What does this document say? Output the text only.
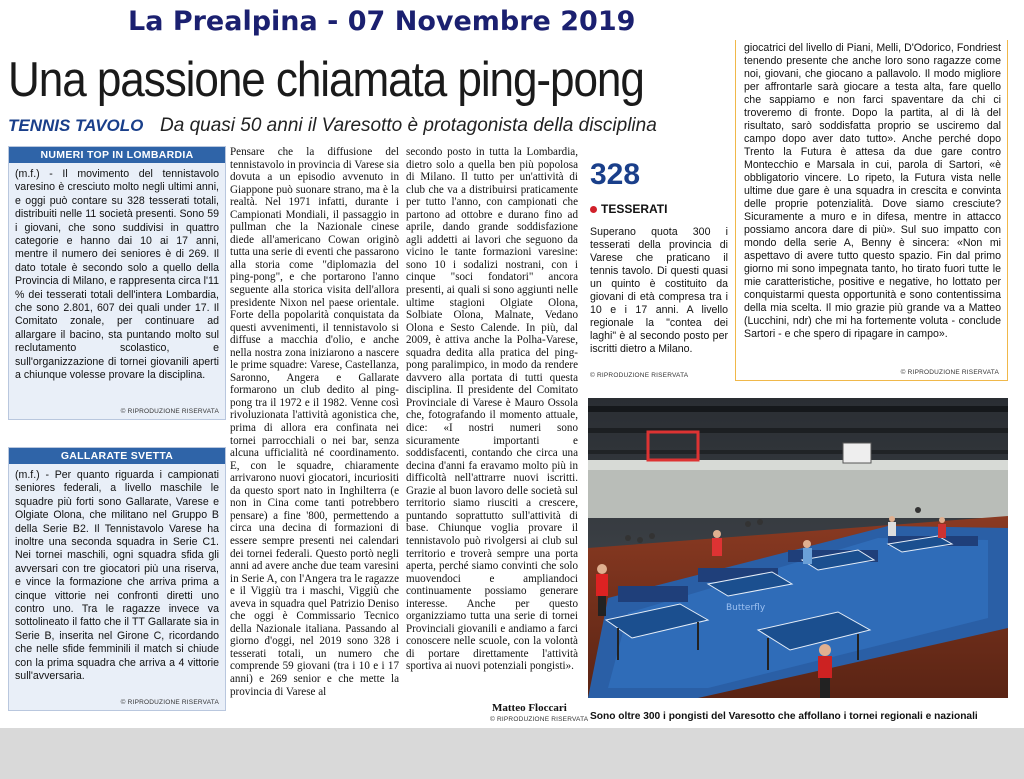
La Prealpina - 07 Novembre 2019
giocatrici del livello di Piani, Melli, D'Odorico, Fondriest tenendo presente che anche loro sono ragazze come noi, giovani, che giocano a pallavolo. Il modo migliore per affrontarle sarà giocare a testa alta, fare quello che sappiamo e non farci spaventare da chi ci troveremo di fronte. Dopo la partita, al di là del risultato, sarò soddisfatta proprio se usciremo dal campo dopo aver dato tutto». Anche perché dopo Trento la Futura è attesa da due gare contro Montecchio e Marsala in cui, parola di Sartori, «è obbligatorio vincere. Lo ripeto, la Futura vista nelle ultime due gare è una squadra in crescita e convinta delle proprie potenzialità. Dove siamo cresciute? Sicuramente a muro e in difesa, mentre in attacco possiamo ancora dare di più». Sul suo impatto con mondo della serie A, Benny è sincera: «Non mi aspettavo di avere tutto questo spazio. Fin dal primo giorno mi sono impegnata tanto, ho tirato fuori tutte le mie caratteristiche, positive e negative, ho lottato per conquistarmi questa opportunità e sono contentissima della mia scelta. Il mio grazie più grande va a Matteo (Lucchini, ndr) che mi ha fortemente voluta - conclude Sartori - e che spero di ripagare in campo».
© RIPRODUZIONE RISERVATA
Una passione chiamata ping-pong
TENNIS TAVOLO Da quasi 50 anni il Varesotto è protagonista della disciplina
NUMERI TOP IN LOMBARDIA
(m.f.) - Il movimento del tennistavolo varesino è cresciuto molto negli ultimi anni, e oggi può contare su 328 tesserati totali, distribuiti nelle 11 società presenti. Sono 59 i giovani, che sono suddivisi in quattro categorie e hanno dai 10 ai 17 anni, mentre il numero dei seniores è di 269. Il dato totale è secondo solo a quello della Provincia di Milano, e rappresenta circa l'11 % dei tesserati totali dell'intera Lombardia, che sono 2.801, 607 dei quali under 17. Il Comitato zonale, per continuare ad allargare il bacino, sta puntando molto sul reclutamento scolastico, e sull'organizzazione di tornei giovanili aperti a chiunque volesse provare la disciplina.
© RIPRODUZIONE RISERVATA
GALLARATE SVETTA
(m.f.) - Per quanto riguarda i campionati seniores federali, a livello maschile le squadre più forti sono Gallarate, Varese e Olgiate Olona, che militano nel Gruppo B della Serie B2. Il Tennistavolo Varese ha inoltre una seconda squadra in Serie C1. Nei tornei maschili, ogni squadra sfida gli avversari con tre giocatori più una riserva, e vince la formazione che arriva prima a cinque vittorie nei confronti diretti uno contro uno. Tra le ragazze invece va sottolineato il fatto che il TT Gallarate sia in Serie B, inserita nel Girone C, ricordando che nelle sfide femminili il match si chiude con la prima squadra che arriva a 4 vittorie sull'avversaria.
© RIPRODUZIONE RISERVATA

Pensare che la diffusione del tennistavolo in provincia di Varese sia dovuta a un episodio avvenuto in Giappone può suonare strano, ma è la realtà. Nel 1971 infatti, durante i Campionati Mondiali, il passaggio in pullman che la Nazionale cinese diede all'americano Cowan originò tutta una serie di eventi che passarono alla storia come "diplomazia del ping-pong", e che portarono l'anno seguente alla storica visita dell'allora presidente Nixon nel paese orientale. Forte della popolarità conquistata da questi avvenimenti, il tennistavolo si diffuse a macchia d'olio, e anche nella nostra zona iniziarono a nascere le prime squadre: Varese, Castellanza, Saronno, Angera e Gallarate formarono un club dedito al ping-pong tra il 1972 e il 1982. Venne così rivoluzionata l'attività agonistica che, prima di allora era confinata nei tornei parrocchiali o nei bar, senza alcuna ufficialità né coordinamento. E, con le squadre, chiaramente arrivarono nuovi giocatori, incuriositi da questo sport nato in Inghilterra (e non in Cina come tanti potrebbero pensare) a fine '800, permettendo a circa una decina di formazioni di essere sempre presenti nei calendari dei tornei federali. Questo portò negli anni ad avere anche due team varesini in Serie A, con l'Angera tra le ragazze e il Viggiù tra i maschi, Viggiù che aveva in squadra quel Patrizio Deniso che oggi è Commissario Tecnico della Nazionale italiana. Passando al giorno d'oggi, nel 2019 sono 328 i tesserati totali, un numero che comprende 59 giovani (tra i 10 e i 17 anni) e 269 senior e che mette la provincia di Varese al

secondo posto in tutta la Lombardia, dietro solo a quella ben più popolosa di Milano. Il tutto per un'attività di club che va a distribuirsi praticamente per tutto l'anno, con campionati che partono ad ottobre e durano fino ad aprile, dando grande soddisfazione agli addetti ai lavori che seguono da vicino le tante formazioni varesine: sono 10 i sodalizi nostrani, con i cinque "soci fondatori" ancora presenti, ai quali si sono aggiunti nelle ultime stagioni Olgiate Olona, Solbiate Olona, Malnate, Vedano Olona e Sesto Calende. In più, dal 2009, è attiva anche la Polha-Varese, squadra dedita alla pratica del ping-pong paralimpico, in modo da rendere davvero alla portata di tutti questa disciplina. Il presidente del Comitato Provinciale di Varese è Mauro Ossola che, fotografando il momento attuale, dice: «I nostri numeri sono sicuramente importanti e soddisfacenti, contando che circa una decina d'anni fa eravamo molto più in difficoltà nell'attrarre nuovi iscritti. Grazie al buon lavoro delle società sul territorio siamo riusciti a crescere, puntando soprattutto sull'attività di base. Chiunque voglia provare il tennistavolo può rivolgersi ai club sul territorio e troverà sempre una porta aperta, perché siamo convinti che solo muovendoci e ampliandoci continuamente possiamo generare interesse. Anche per questo organizziamo tutta una serie di tornei Provinciali giovanili e andiamo a farci conoscere nelle scuole, con la volontà di portare direttamente l'attività sportiva ai nuovi potenziali pongisti».

Matteo Floccari
© RIPRODUZIONE RISERVATA
328
TESSERATI
Superano quota 300 i tesserati della provincia di Varese che praticano il tennis tavolo. Di questi quasi un quinto è costituito da giovani di età compresa tra i 10 e i 17 anni. A livello regionale la "contea dei laghi" è al secondo posto per iscritti dietro a Milano.
© RIPRODUZIONE RISERVATA
Butterfly
Sono oltre 300 i pongisti del Varesotto che affollano i tornei regionali e nazionali
